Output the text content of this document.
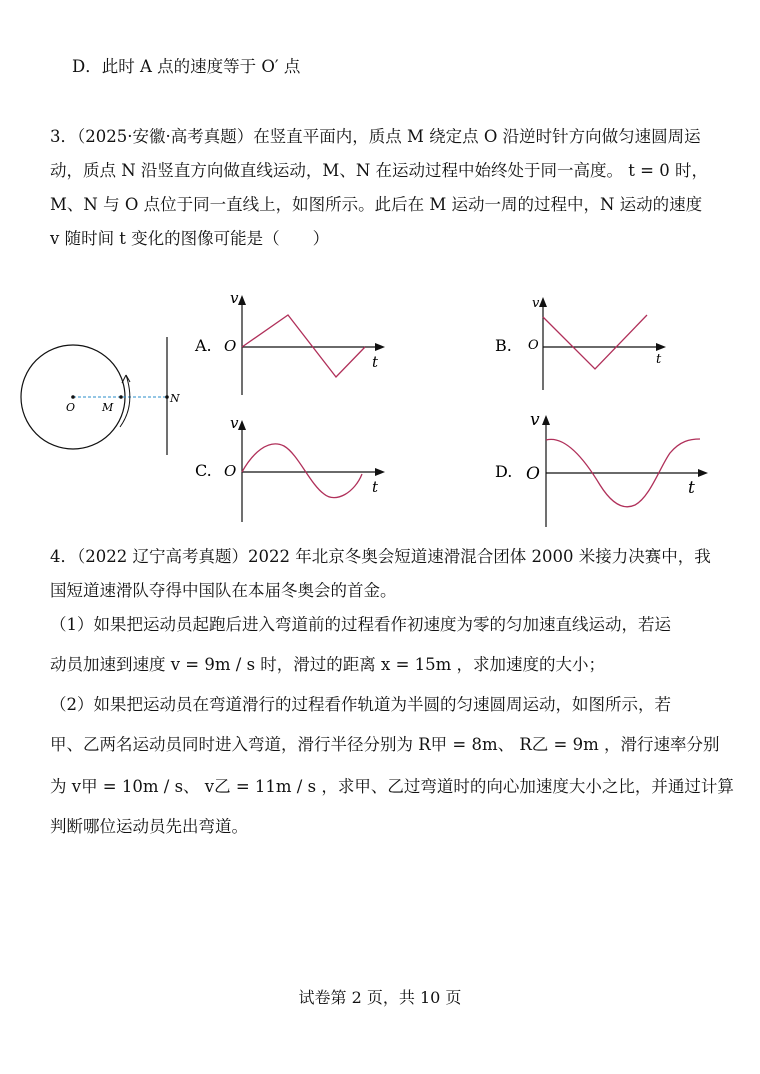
D．此时 A 点的速度等于 O′ 点
3．（2025·安徽·高考真题）在竖直平面内，质点 M 绕定点 O 沿逆时针方向做匀速圆周运
动，质点 N 沿竖直方向做直线运动，M、N 在运动过程中始终处于同一高度。 t = 0 时，
M、N 与 O 点位于同一直线上，如图所示。此后在 M 运动一周的过程中，N 运动的速度
v 随时间 t 变化的图像可能是（　　）
O M
N
A.
v
t
O	B.
v
t
O
C.
v
t
O	D.
v
t
O
4．（2022 辽宁高考真题）2022 年北京冬奥会短道速滑混合团体 2000 米接力决赛中，我
国短道速滑队夺得中国队在本届冬奥会的首金。
（1）如果把运动员起跑后进入弯道前的过程看作初速度为零的匀加速直线运动，若运
动员加速到速度 v = 9m / s 时，滑过的距离 x = 15m ，求加速度的大小；
（2）如果把运动员在弯道滑行的过程看作轨道为半圆的匀速圆周运动，如图所示，若
甲、乙两名运动员同时进入弯道，滑行半径分别为 R甲 = 8m、 R乙 = 9m ，滑行速率分别
为 v甲 = 10m / s、 v乙 = 11m / s ，求甲、乙过弯道时的向心加速度大小之比，并通过计算
判断哪位运动员先出弯道。
试卷第 2 页，共 10 页
